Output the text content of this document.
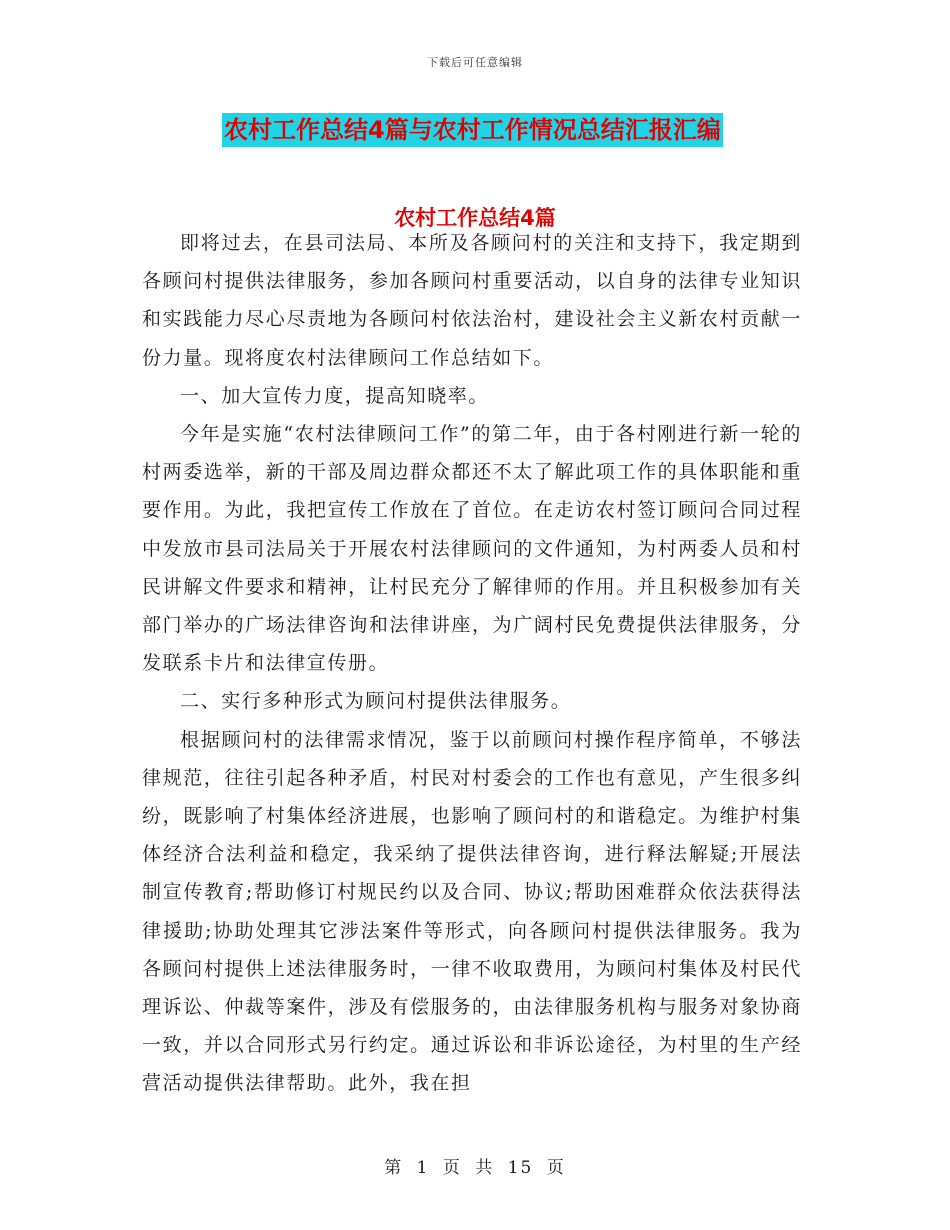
下载后可任意编辑
农村工作总结4篇与农村工作情况总结汇报汇编
农村工作总结4篇

即将过去，在县司法局、本所及各顾问村的关注和支持下，我定期到各顾问村提供法律服务，参加各顾问村重要活动，以自身的法律专业知识和实践能力尽心尽责地为各顾问村依法治村，建设社会主义新农村贡献一份力量。现将度农村法律顾问工作总结如下。

一、加大宣传力度，提高知晓率。

今年是实施“农村法律顾问工作”的第二年，由于各村刚进行新一轮的村两委选举，新的干部及周边群众都还不太了解此项工作的具体职能和重要作用。为此，我把宣传工作放在了首位。在走访农村签订顾问合同过程中发放市县司法局关于开展农村法律顾问的文件通知，为村两委人员和村民讲解文件要求和精神，让村民充分了解律师的作用。并且积极参加有关部门举办的广场法律咨询和法律讲座，为广阔村民免费提供法律服务，分发联系卡片和法律宣传册。

二、实行多种形式为顾问村提供法律服务。

根据顾问村的法律需求情况，鉴于以前顾问村操作程序简单，不够法律规范，往往引起各种矛盾，村民对村委会的工作也有意见，产生很多纠纷，既影响了村集体经济进展，也影响了顾问村的和谐稳定。为维护村集体经济合法利益和稳定，我采纳了提供法律咨询，进行释法解疑;开展法制宣传教育;帮助修订村规民约以及合同、协议;帮助困难群众依法获得法律援助;协助处理其它涉法案件等形式，向各顾问村提供法律服务。我为各顾问村提供上述法律服务时，一律不收取费用，为顾问村集体及村民代理诉讼、仲裁等案件，涉及有偿服务的，由法律服务机构与服务对象协商一致，并以合同形式另行约定。通过诉讼和非诉讼途径，为村里的生产经营活动提供法律帮助。此外，我在担

第 1 页 共 15 页
